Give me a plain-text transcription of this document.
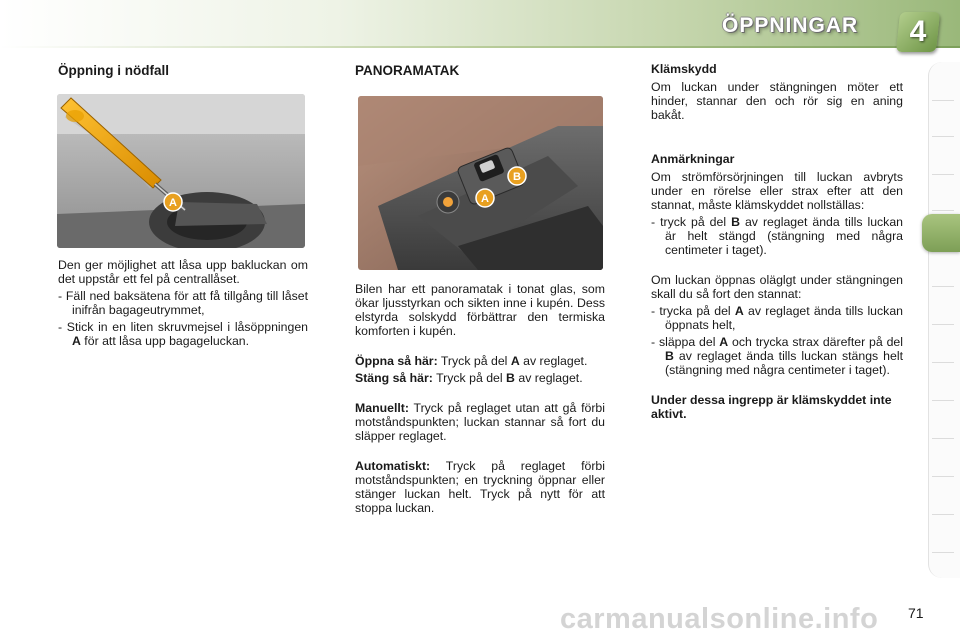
ÖPPNINGAR	4
Öppning i nödfall
A

Den ger möjlighet att låsa upp bakluckan om det uppstår ett fel på centrallåset.

- Fäll ned baksätena för att få tillgång till låset inifrån bagageutrymmet,

- Stick in en liten skruvmejsel i låsöppningen A för att låsa upp bagageluckan.

PANORAMATAK
B
A

Bilen har ett panoramatak i tonat glas, som ökar ljusstyrkan och sikten inne i kupén. Dess elstyrda solskydd förbättrar den termiska komforten i kupén.

Öppna så här: Tryck på del A av reglaget.

Stäng så här: Tryck på del B av reglaget.

Manuellt: Tryck på reglaget utan att gå förbi motståndspunkten; luckan stannar så fort du släpper reglaget.

Automatiskt: Tryck på reglaget förbi motståndspunkten; en tryckning öppnar eller stänger luckan helt. Tryck på nytt för att stoppa luckan.

Klämskydd

Om luckan under stängningen möter ett hinder, stannar den och rör sig en aning bakåt.

Anmärkningar

Om strömförsörjningen till luckan avbryts under en rörelse eller strax efter att den stannat, måste klämskyddet nollställas:

- tryck på del B av reglaget ända tills luckan är helt stängd (stängning med några centimeter i taget).

Om luckan öppnas oläglgt under stängningen skall du så fort den stannat:

- trycka på del A av reglaget ända tills luckan öppnats helt,

- släppa del A och trycka strax därefter på del B av reglaget ända tills luckan stängs helt (stängning med några centimeter i taget).

Under dessa ingrepp är klämskyddet inte aktivt.

carmanualsonline.info 71
